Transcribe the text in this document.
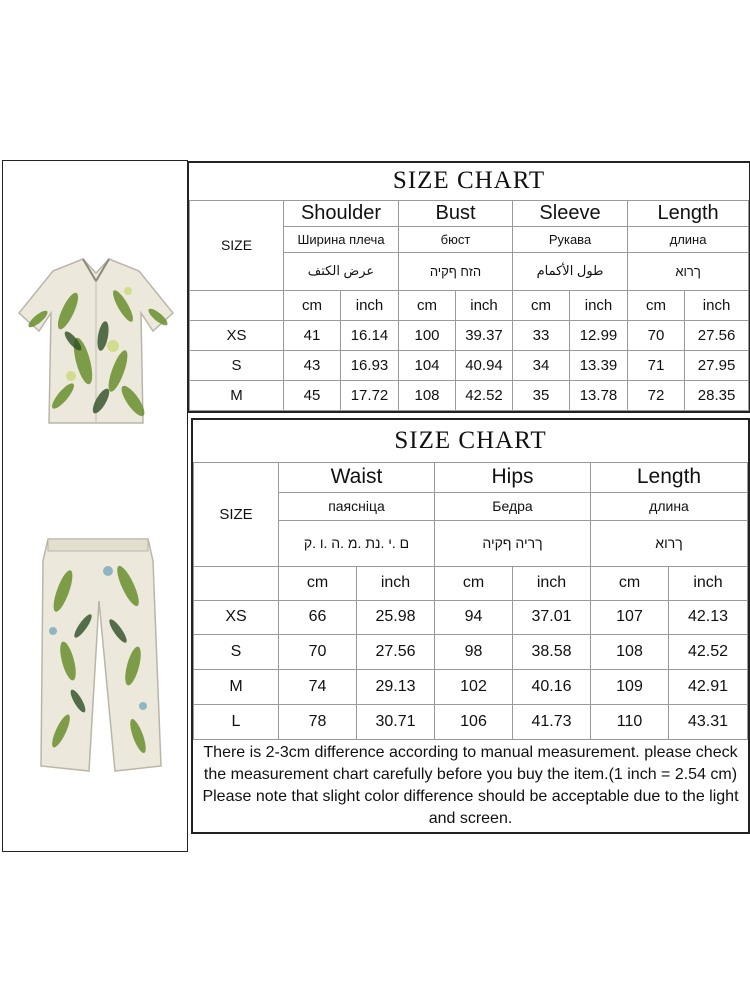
SIZE CHART								
SIZE	Shoulder		Bust		Sleeve		Length	
	Ширина плеча		бюст		Рукава		длина	
	عرض الكتف		הזח ףקיה		طول الأكمام		ךרוא	
	cm	inch	cm	inch	cm	inch	cm	inch
XS	41	16.14	100	39.37	33	12.99	70	27.56
S	43	16.93	104	40.94	34	13.39	71	27.95
M	45	17.72	108	42.52	35	13.78	72	28.35
SIZE CHART						
SIZE	Waist		Hips		Length	
	паясніца		Бедра		длина	
	ם .י .נת .מ .ה .ו .ק		ךריה ףקיה		ךרוא	
	cm	inch	cm	inch	cm	inch
XS	66	25.98	94	37.01	107	42.13
S	70	27.56	98	38.58	108	42.52
M	74	29.13	102	40.16	109	42.91
L	78	30.71	106	41.73	110	43.31
There is 2-3cm difference according to manual measurement. please check the measurement chart carefully before you buy the item.(1 inch = 2.54 cm) Please note that slight color difference should be acceptable due to the light and screen.						
